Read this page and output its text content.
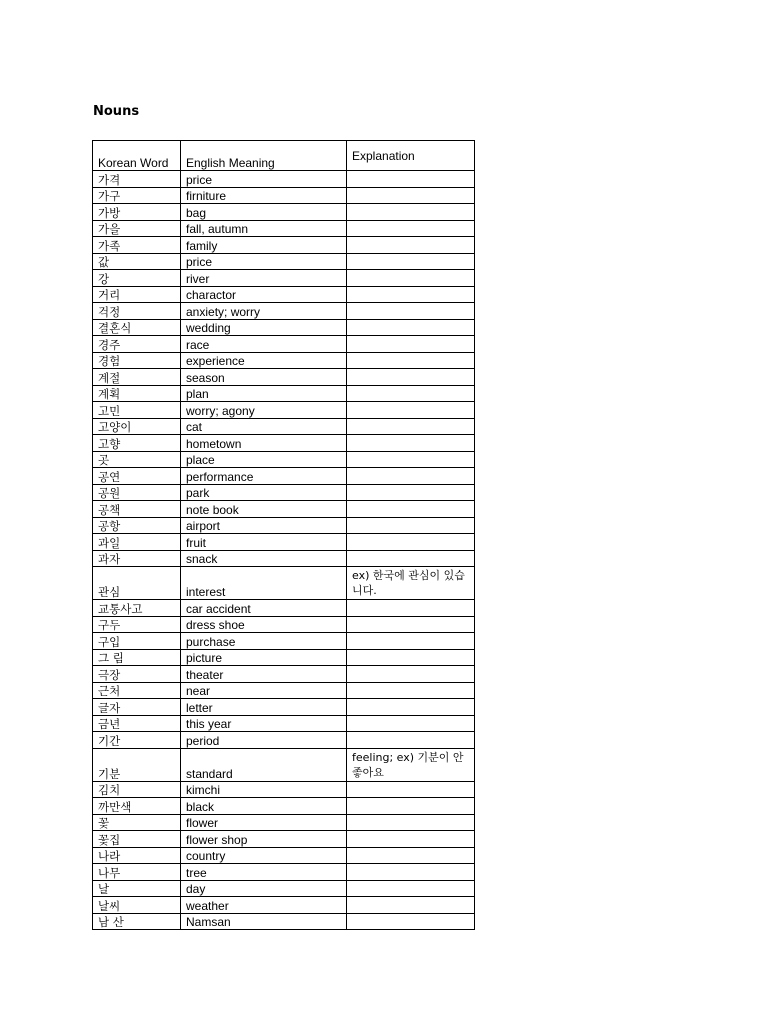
Nouns
Korean Word	English Meaning	Explanation
가격	price	
가구	firniture	
가방	bag	
가을	fall, autumn	
가족	family	
값	price	
강	river	
거리	charactor	
걱정	anxiety; worry	
결혼식	wedding	
경주	race	
경험	experience	
계절	season	
계획	plan	
고민	worry; agony	
고양이	cat	
고향	hometown	
곳	place	
공연	performance	
공원	park	
공책	note book	
공항	airport	
과일	fruit	
과자	snack	
관심	interest	ex) 한국에 관심이 있습니다.
교통사고	car accident	
구두	dress shoe	
구입	purchase	
그 림	picture	
극장	theater	
근처	near	
글자	letter	
금년	this year	
기간	period	
기분	standard	feeling; ex) 기분이 안좋아요
김치	kimchi	
까만색	black	
꽃	flower	
꽃집	flower shop	
나라	country	
나무	tree	
날	day	
날씨	weather	
남 산	Namsan	
